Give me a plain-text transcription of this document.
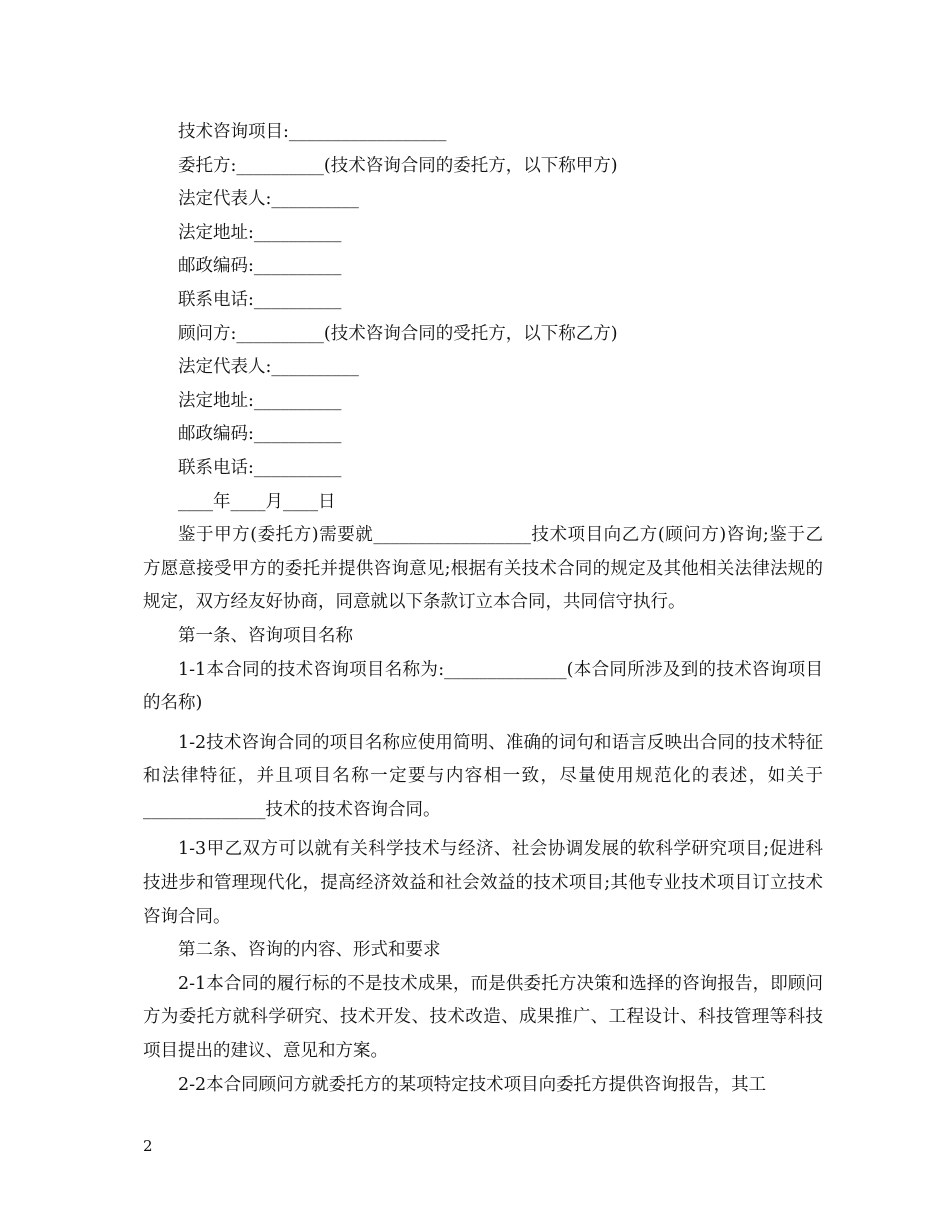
技术咨询项目:__________________
委托方:__________(技术咨询合同的委托方，以下称甲方)
法定代表人:__________
法定地址:__________
邮政编码:__________
联系电话:__________
顾问方:__________(技术咨询合同的受托方，以下称乙方)
法定代表人:__________
法定地址:__________
邮政编码:__________
联系电话:__________
____年____月____日

鉴于甲方(委托方)需要就__________________技术项目向乙方(顾问方)咨询;鉴于乙方愿意接受甲方的委托并提供咨询意见;根据有关技术合同的规定及其他相关法律法规的规定，双方经友好协商，同意就以下条款订立本合同，共同信守执行。

第一条、咨询项目名称

1-1本合同的技术咨询项目名称为:______________(本合同所涉及到的技术咨询项目的名称)

1-2技术咨询合同的项目名称应使用简明、准确的词句和语言反映出合同的技术特征和法律特征，并且项目名称一定要与内容相一致，尽量使用规范化的表述，如关于______________技术的技术咨询合同。

1-3甲乙双方可以就有关科学技术与经济、社会协调发展的软科学研究项目;促进科技进步和管理现代化，提高经济效益和社会效益的技术项目;其他专业技术项目订立技术咨询合同。

第二条、咨询的内容、形式和要求

2-1本合同的履行标的不是技术成果，而是供委托方决策和选择的咨询报告，即顾问方为委托方就科学研究、技术开发、技术改造、成果推广、工程设计、科技管理等科技项目提出的建议、意见和方案。

2-2本合同顾问方就委托方的某项特定技术项目向委托方提供咨询报告，其工

2
